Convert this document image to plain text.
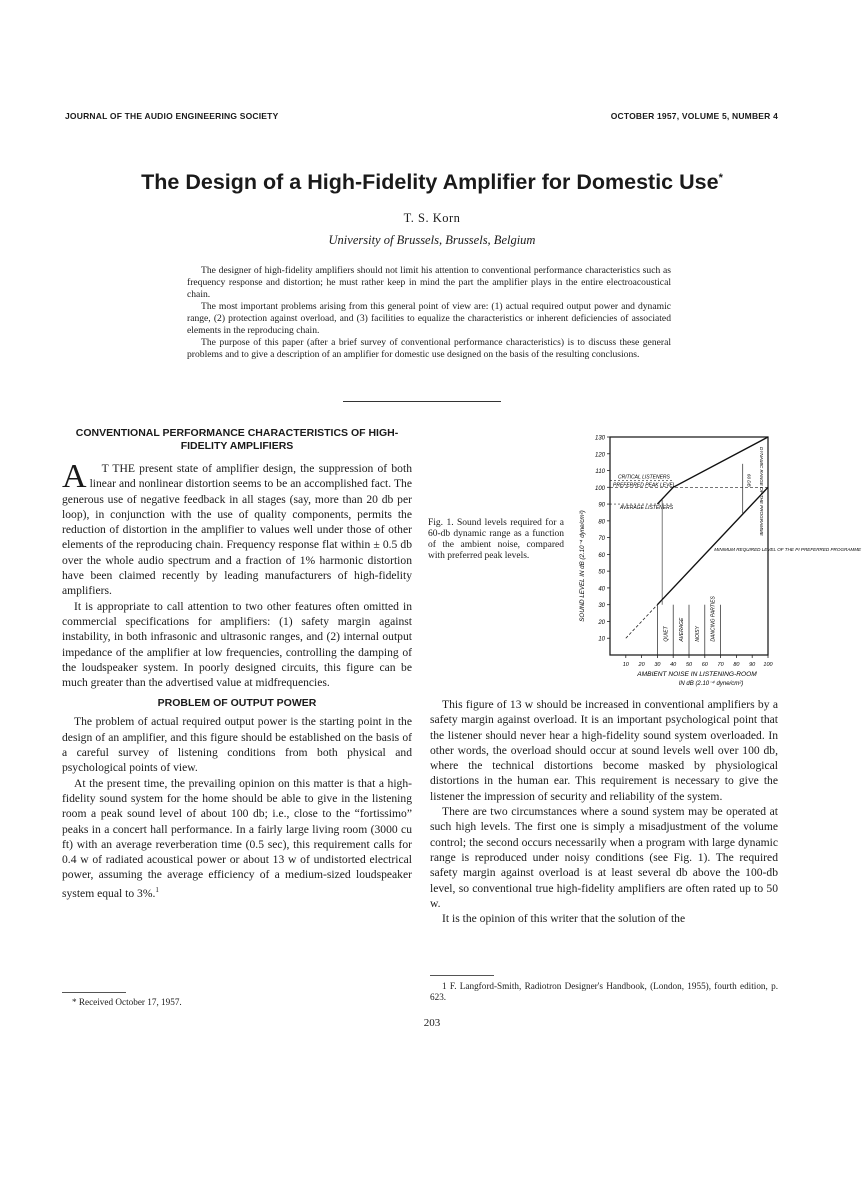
JOURNAL OF THE AUDIO ENGINEERING SOCIETY	OCTOBER 1957, VOLUME 5, NUMBER 4
The Design of a High-Fidelity Amplifier for Domestic Use*
T. S. Korn
University of Brussels, Brussels, Belgium

The designer of high-fidelity amplifiers should not limit his attention to conventional performance characteristics such as frequency response and distortion; he must rather keep in mind the part the amplifier plays in the entire electroacoustical chain.

The most important problems arising from this general point of view are: (1) actual required output power and dynamic range, (2) protection against overload, and (3) facilities to equalize the characteristics or inherent deficiencies of associated elements in the reproducing chain.

The purpose of this paper (after a brief survey of conventional performance characteristics) is to discuss these general problems and to give a description of an amplifier for domestic use designed on the basis of the resulting conclusions.

CONVENTIONAL PERFORMANCE CHARACTERISTICS OF HIGH-FIDELITY AMPLIFIERS

AT THE present state of amplifier design, the suppression of both linear and nonlinear distortion seems to be an accomplished fact. The generous use of negative feedback in all stages (say, more than 20 db per loop), in conjunction with the use of quality components, permits the reduction of distortion in the amplifier to values well under those of other elements of the reproducing chain. Frequency response flat within ± 0.5 db over the whole audio spectrum and a fraction of 1% harmonic distortion have been claimed recently by leading manufacturers of high-fidelity amplifiers.

It is appropriate to call attention to two other features often omitted in commercial specifications for amplifiers: (1) safety margin against instability, in both infrasonic and ultrasonic ranges, and (2) internal output impedance of the amplifier at low frequencies, controlling the damping of the loudspeaker system. In poorly designed circuits, this figure can be much greater than the advertised value at midfrequencies.

PROBLEM OF OUTPUT POWER

The problem of actual required output power is the starting point in the design of an amplifier, and this figure should be established on the basis of a careful survey of listening conditions from both physical and psychological points of view.

At the present time, the prevailing opinion on this matter is that a high-fidelity sound system for the home should be able to give in the listening room a peak sound level of about 100 db; i.e., close to the “fortissimo” peaks in a concert hall performance. In a fairly large living room (3000 cu ft) with an average reverberation time (0.5 sec), this requirement calls for 0.4 w of radiated acoustical power or about 13 w of undistorted electrical power, assuming the average efficiency of a medium-sized loudspeaker system equal to 3%.$^1$

* Received October 17, 1957.
Fig. 1. Sound levels required for a 60-db dynamic range as a function of the ambient noise, compared with preferred peak levels.
10
20
30
40
50
60
70
80
90
100
110
120
130
10 20 30 40 50 60 70 80 90 100
QUIET AVERAGE NOISY DANCING PARTIES
CRITICAL LISTENERS
PREFERRED PEAK LEVEL
AVERAGE LISTENERS
MINIMUM REQUIRED LEVEL OF THE PI PREFERRED PROGRAMME
DYNAMIC RANGE OF THE PROGRAMME
60 DB
SOUND LEVEL IN dB (2.10⁻⁴ dyne/cm²)
AMBIENT NOISE IN LISTENING-ROOM
IN dB (2.10⁻⁴ dyne/cm²)

This figure of 13 w should be increased in conventional amplifiers by a safety margin against overload. It is an important psychological point that the listener should never hear a high-fidelity sound system overloaded. In other words, the overload should occur at sound levels well over 100 db, where the technical distortions become masked by physiological distortions in the human ear. This requirement is necessary to give the listener the impression of security and reliability of the system.

There are two circumstances where a sound system may be operated at such high levels. The first one is simply a misadjustment of the volume control; the second occurs necessarily when a program with large dynamic range is reproduced under noisy conditions (see Fig. 1). The required safety margin against overload is at least several db above the 100-db level, so conventional true high-fidelity amplifiers are often rated up to 50 w.

It is the opinion of this writer that the solution of the

1 F. Langford-Smith, Radiotron Designer's Handbook, (London, 1955), fourth edition, p. 623.
203
